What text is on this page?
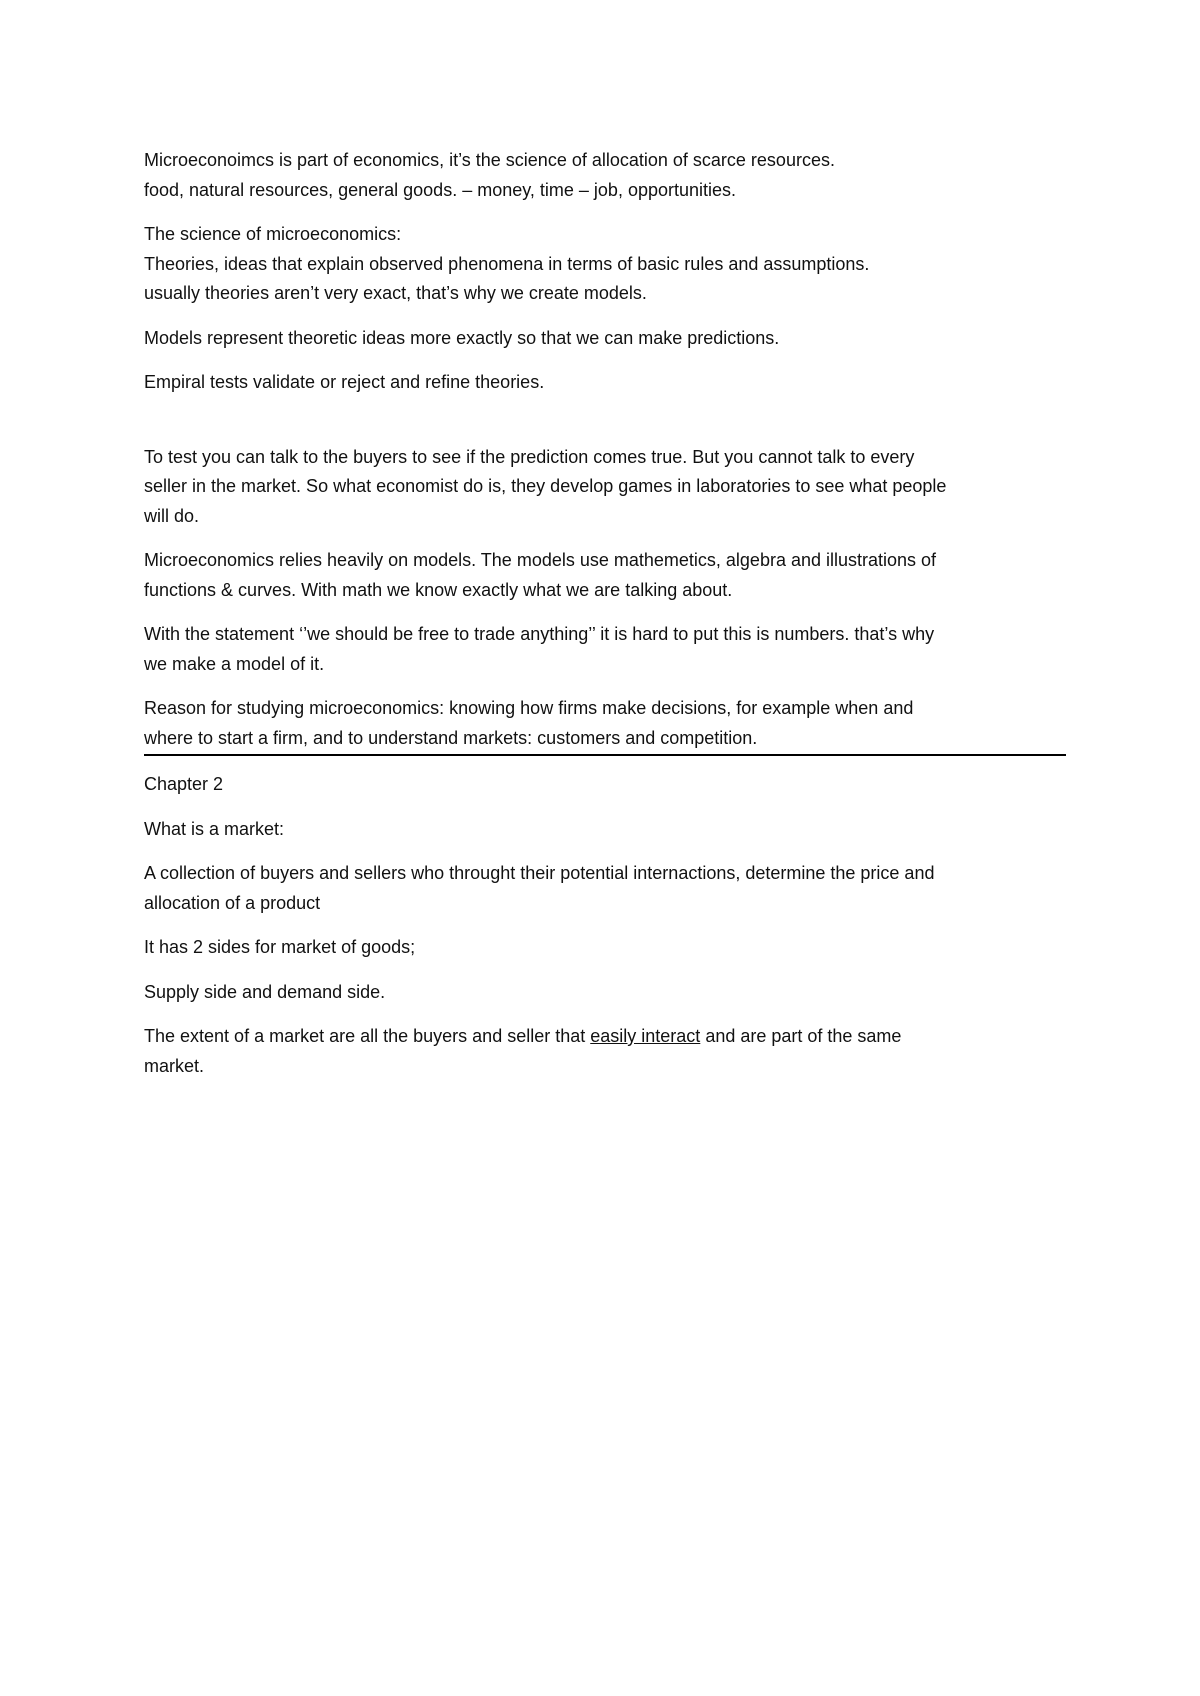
Microeconoimcs is part of economics, it’s the science of allocation of scarce resources.
food, natural resources, general goods. – money, time – job, opportunities.

The science of microeconomics:
Theories, ideas that explain observed phenomena in terms of basic rules and assumptions.
usually theories aren’t very exact, that’s why we create models.

Models represent theoretic ideas more exactly so that we can make predictions.

Empiral tests validate or reject and refine theories.

To test you can talk to the buyers to see if the prediction comes true. But you cannot talk to every
seller in the market. So what economist do is, they develop games in laboratories to see what people
will do.

Microeconomics relies heavily on models. The models use mathemetics, algebra and illustrations of
functions & curves. With math we know exactly what we are talking about.

With the statement ‘’we should be free to trade anything’’ it is hard to put this is numbers. that’s why
we make a model of it.

Reason for studying microeconomics: knowing how firms make decisions, for example when and
where to start a firm, and to understand markets: customers and competition.

Chapter 2

What is a market:

A collection of buyers and sellers who throught their potential internactions, determine the price and
allocation of a product

It has 2 sides for market of goods;

Supply side and demand side.

The extent of a market are all the buyers and seller that easily interact and are part of the same
market.
